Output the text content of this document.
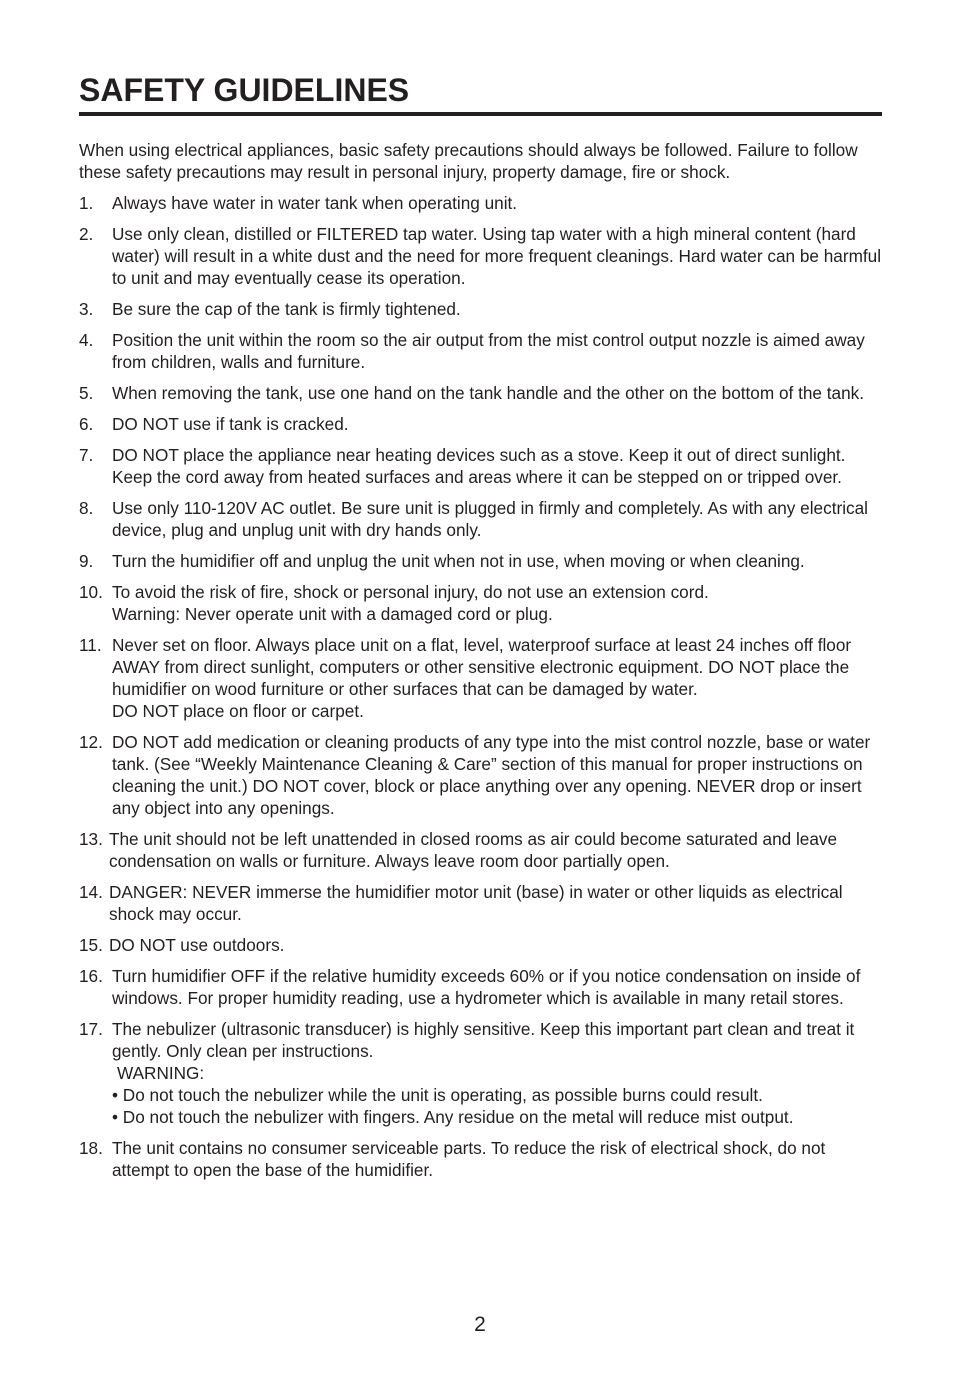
SAFETY GUIDELINES

When using electrical appliances, basic safety precautions should always be followed. Failure to follow these safety precautions may result in personal injury, property damage, fire or shock.

1. Always have water in water tank when operating unit.
2. Use only clean, distilled or FILTERED tap water. Using tap water with a high mineral content (hard water) will result in a white dust and the need for more frequent cleanings. Hard water can be harmful to unit and may eventually cease its operation.
3. Be sure the cap of the tank is firmly tightened.
4. Position the unit within the room so the air output from the mist control output nozzle is aimed away from children, walls and furniture.
5. When removing the tank, use one hand on the tank handle and the other on the bottom of the tank.
6. DO NOT use if tank is cracked.
7. DO NOT place the appliance near heating devices such as a stove. Keep it out of direct sunlight. Keep the cord away from heated surfaces and areas where it can be stepped on or tripped over.
8. Use only 110-120V AC outlet. Be sure unit is plugged in firmly and completely. As with any electrical device, plug and unplug unit with dry hands only.
9. Turn the humidifier off and unplug the unit when not in use, when moving or when cleaning.
10. To avoid the risk of fire, shock or personal injury, do not use an extension cord.
Warning: Never operate unit with a damaged cord or plug.
11. Never set on floor. Always place unit on a flat, level, waterproof surface at least 24 inches off floor AWAY from direct sunlight, computers or other sensitive electronic equipment. DO NOT place the humidifier on wood furniture or other surfaces that can be damaged by water.
DO NOT place on floor or carpet.
12. DO NOT add medication or cleaning products of any type into the mist control nozzle, base or water tank. (See “Weekly Maintenance Cleaning & Care” section of this manual for proper instructions on cleaning the unit.) DO NOT cover, block or place anything over any opening. NEVER drop or insert any object into any openings.
13. The unit should not be left unattended in closed rooms as air could become saturated and leave condensation on walls or furniture. Always leave room door partially open.
14. DANGER: NEVER immerse the humidifier motor unit (base) in water or other liquids as electrical shock may occur.
15. DO NOT use outdoors.
16. Turn humidifier OFF if the relative humidity exceeds 60% or if you notice condensation on inside of windows. For proper humidity reading, use a hydrometer which is available in many retail stores.
17. The nebulizer (ultrasonic transducer) is highly sensitive. Keep this important part clean and treat it gently. Only clean per instructions.
WARNING:
• Do not touch the nebulizer while the unit is operating, as possible burns could result.
• Do not touch the nebulizer with fingers. Any residue on the metal will reduce mist output.
18. The unit contains no consumer serviceable parts. To reduce the risk of electrical shock, do not attempt to open the base of the humidifier.
2
